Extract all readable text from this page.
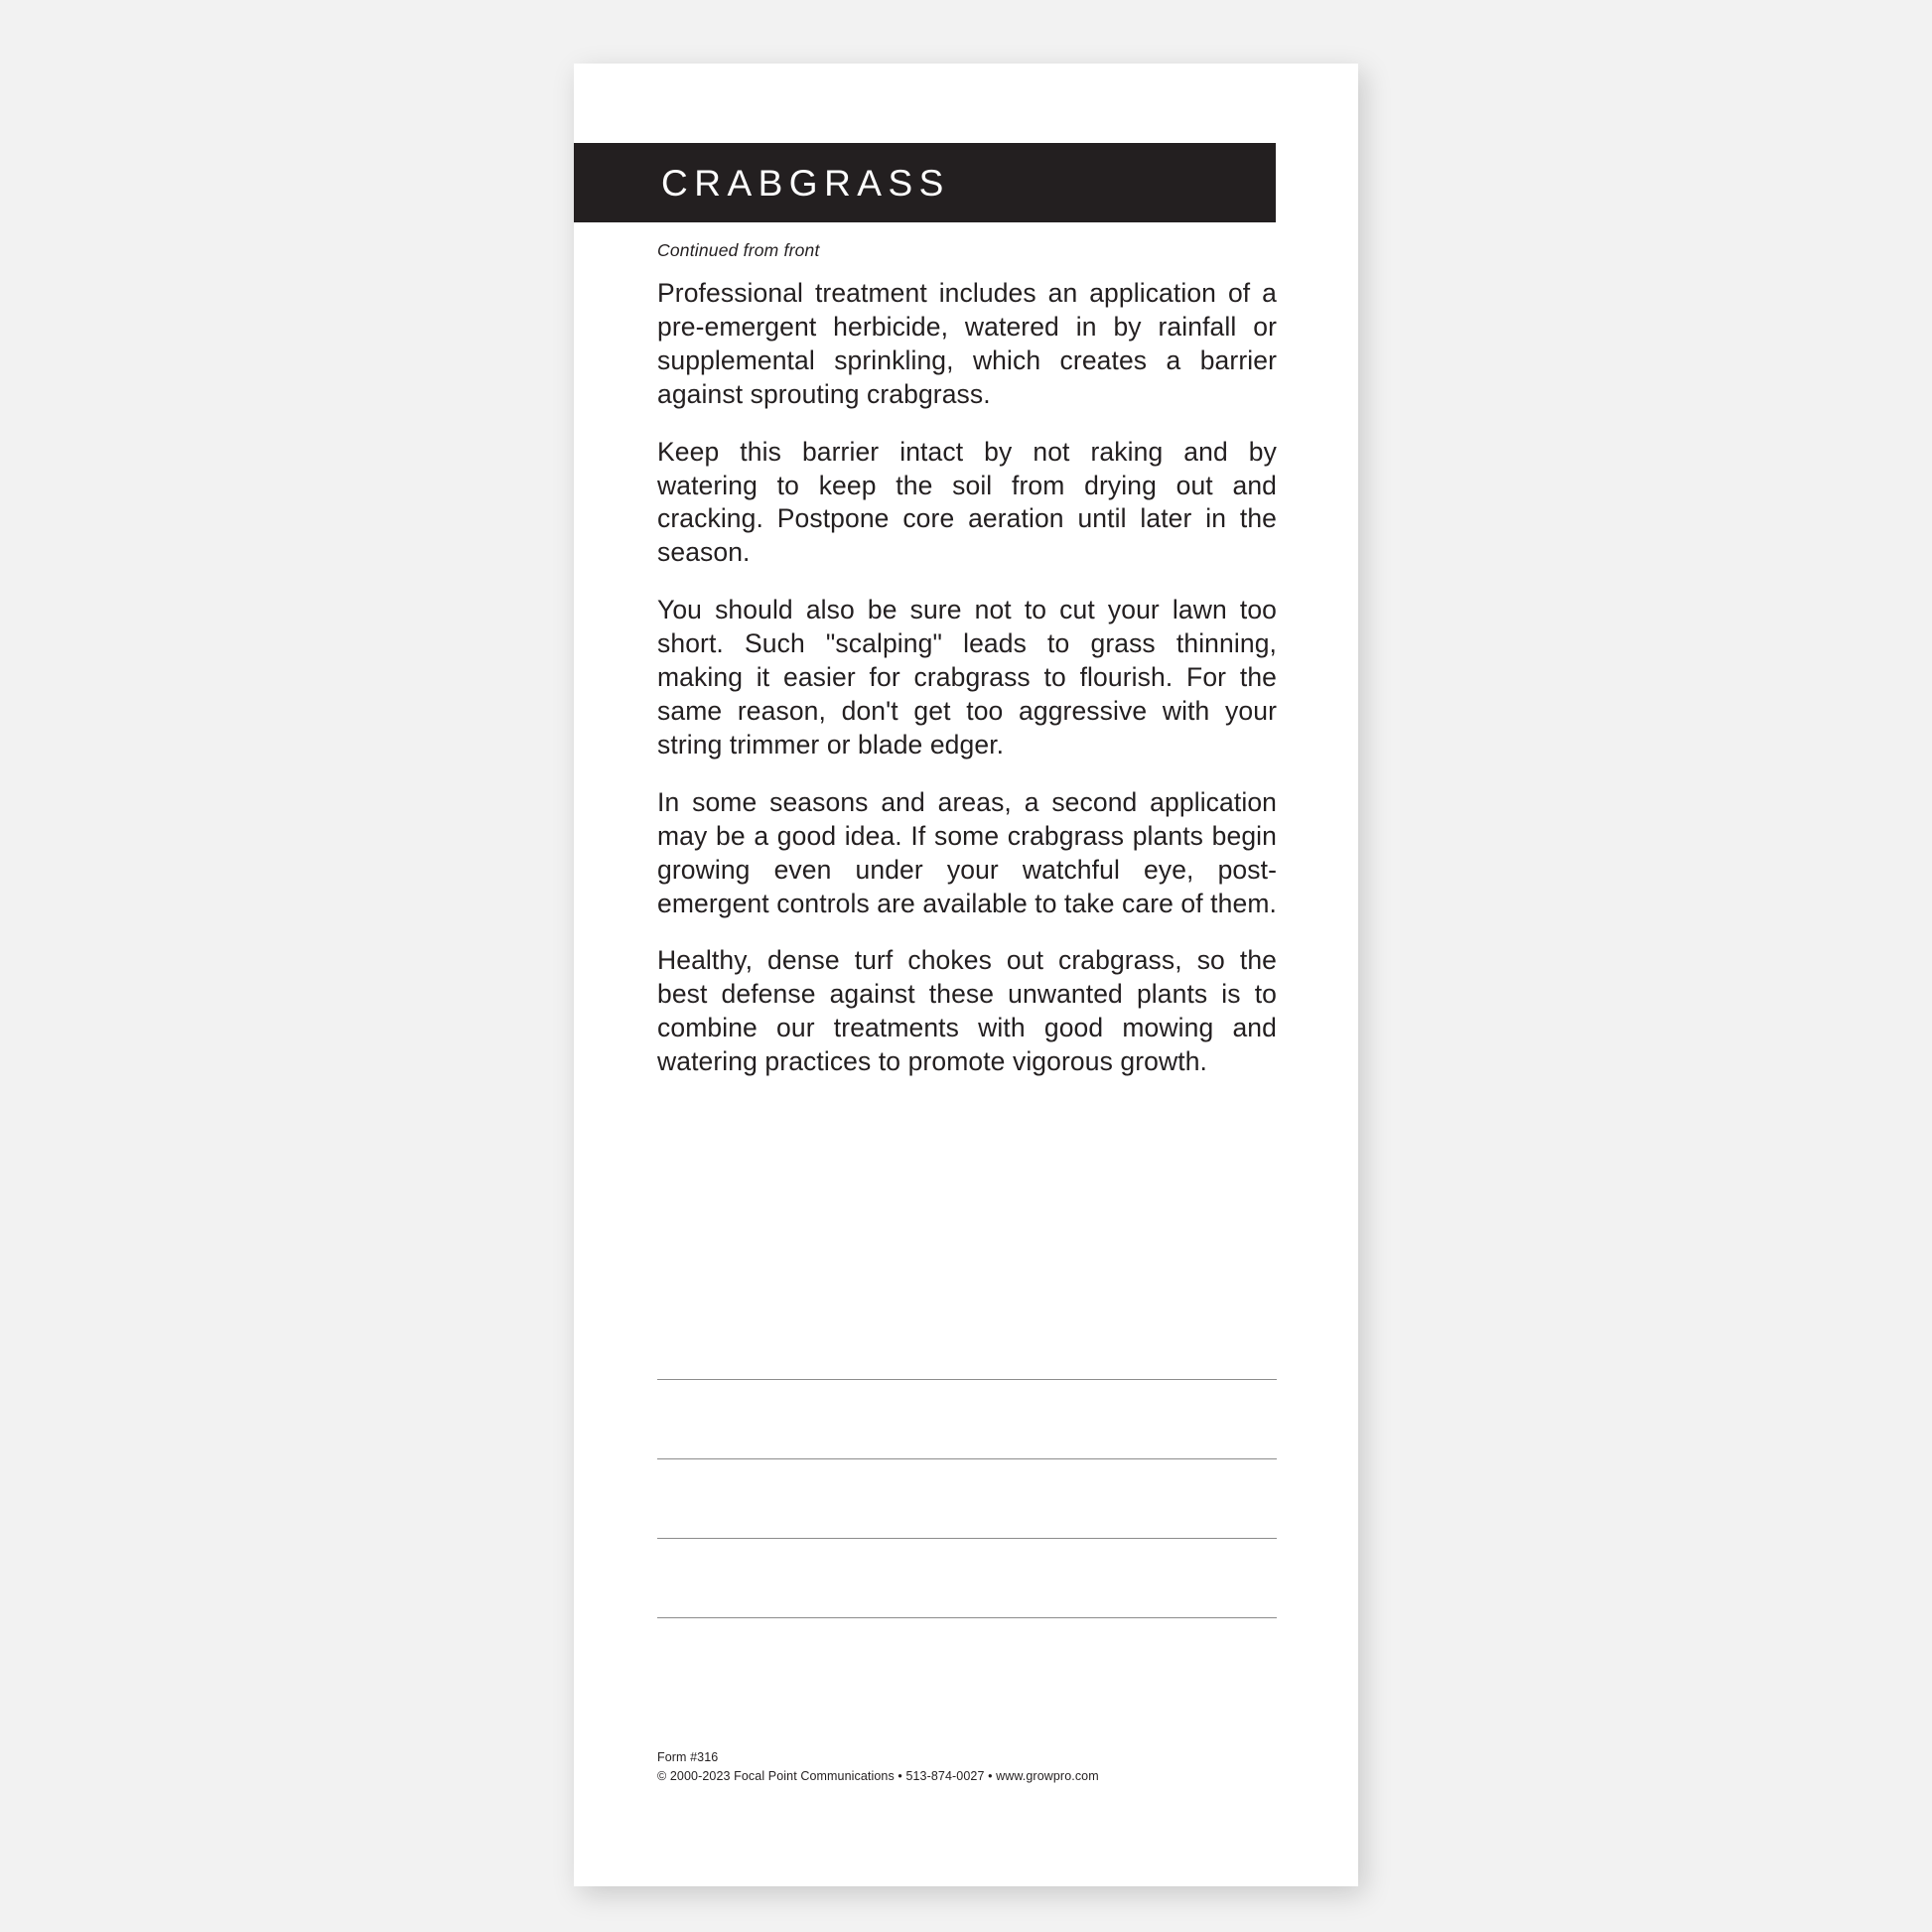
CRABGRASS
Continued from front

Professional treatment includes an application of a pre-emergent herbicide, watered in by rainfall or supplemental sprinkling, which creates a barrier against sprouting crabgrass.

Keep this barrier intact by not raking and by watering to keep the soil from drying out and cracking. Postpone core aeration until later in the season.

You should also be sure not to cut your lawn too short. Such "scalping" leads to grass thinning, making it easier for crabgrass to flourish. For the same reason, don't get too aggressive with your string trimmer or blade edger.

In some seasons and areas, a second application may be a good idea. If some crabgrass plants begin growing even under your watchful eye, post-emergent controls are available to take care of them.

Healthy, dense turf chokes out crabgrass, so the best defense against these unwanted plants is to combine our treatments with good mowing and watering practices to promote vigorous growth.

Form #316
© 2000-2023 Focal Point Communications • 513-874-0027 • www.growpro.com
